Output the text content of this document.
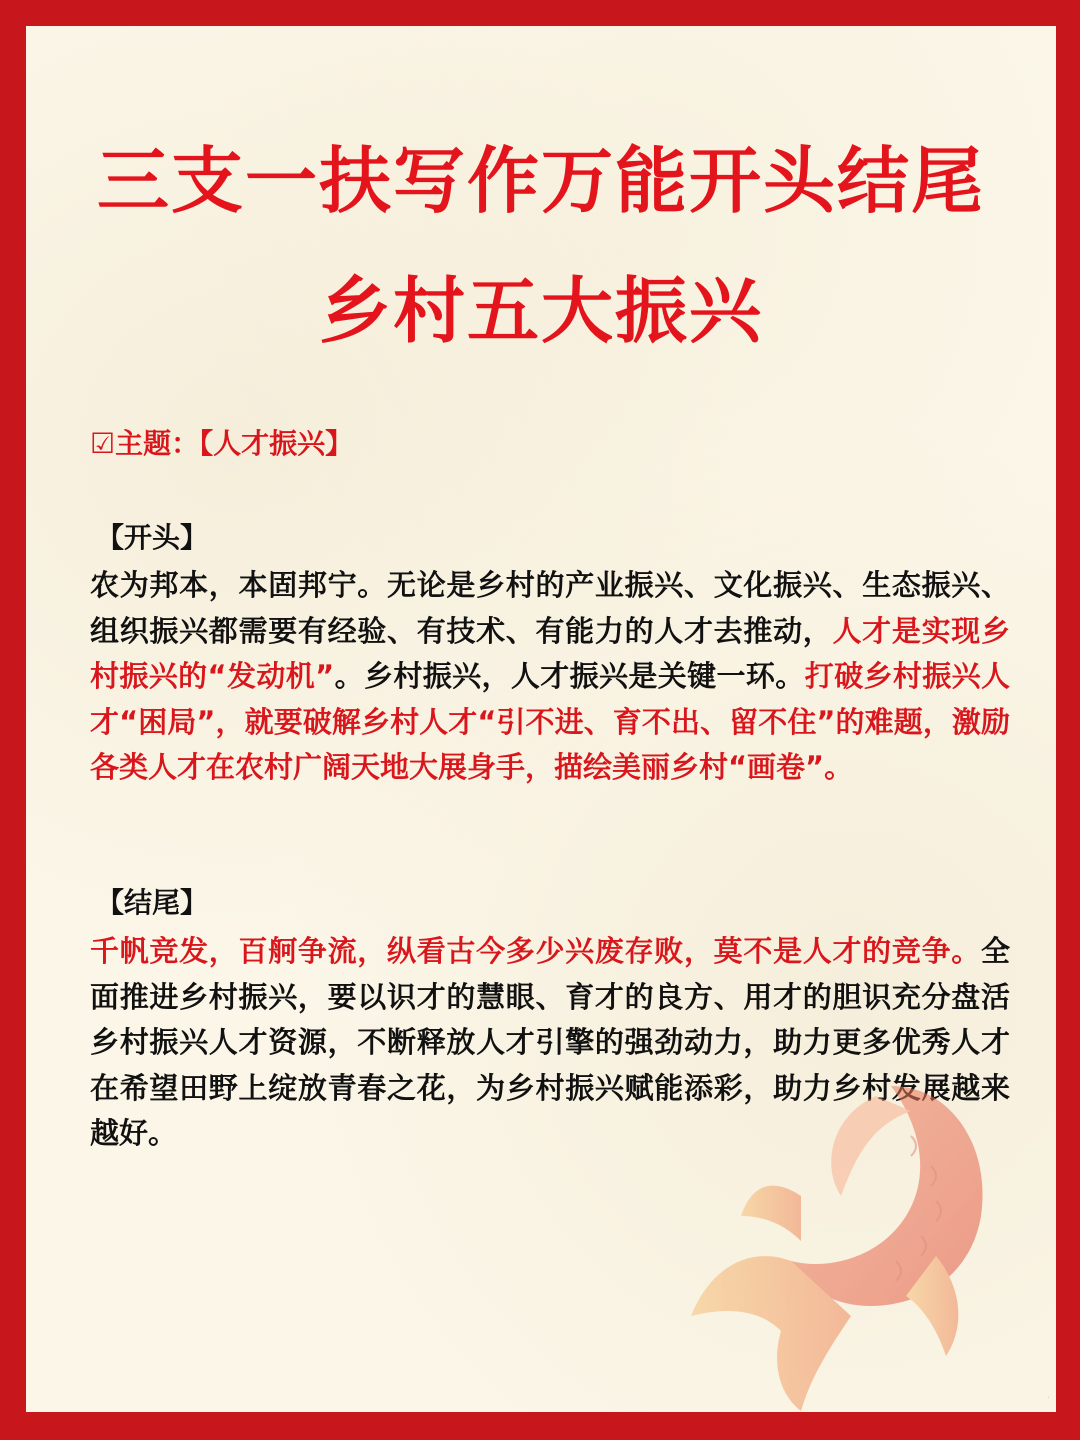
三支一扶写作万能开头结尾
乡村五大振兴
☑主题：【人才振兴】
【开头】

农为邦本，本固邦宁。无论是乡村的产业振兴、文化振兴、生态振兴、组织振兴都需要有经验、有技术、有能力的人才去推动，人才是实现乡村振兴的“发动机”。乡村振兴，人才振兴是关键一环。打破乡村振兴人才“困局”，就要破解乡村人才“引不进、育不出、留不住”的难题，激励各类人才在农村广阔天地大展身手，描绘美丽乡村“画卷”。

【结尾】

千帆竞发，百舸争流，纵看古今多少兴废存败，莫不是人才的竞争。全面推进乡村振兴，要以识才的慧眼、育才的良方、用才的胆识充分盘活乡村振兴人才资源，不断释放人才引擎的强劲动力，助力更多优秀人才在希望田野上绽放青春之花，为乡村振兴赋能添彩，助力乡村发展越来越好。

·
